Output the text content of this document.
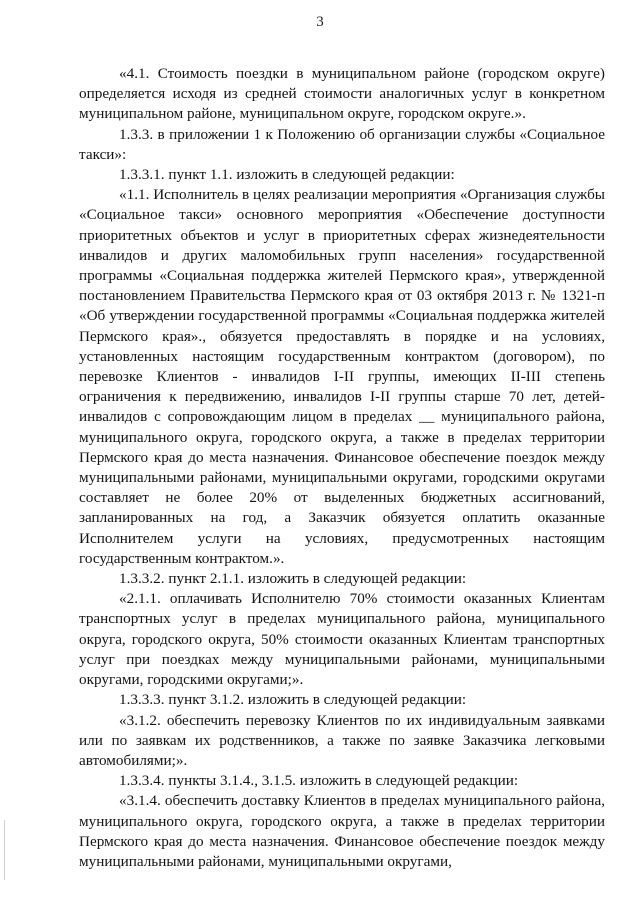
3

«4.1. Стоимость поездки в муниципальном районе (городском округе) определяется исходя из средней стоимости аналогичных услуг в конкретном муниципальном районе, муниципальном округе, городском округе.».

1.3.3. в приложении 1 к Положению об организации службы «Социальное такси»:

1.3.3.1. пункт 1.1. изложить в следующей редакции:

«1.1. Исполнитель в целях реализации мероприятия «Организация службы «Социальное такси» основного мероприятия «Обеспечение доступности приоритетных объектов и услуг в приоритетных сферах жизнедеятельности инвалидов и других маломобильных групп населения» государственной программы «Социальная поддержка жителей Пермского края», утвержденной постановлением Правительства Пермского края от 03 октября 2013 г. № 1321-п «Об утверждении государственной программы «Социальная поддержка жителей Пермского края»., обязуется предоставлять в порядке и на условиях, установленных настоящим государственным контрактом (договором), по перевозке Клиентов - инвалидов I-II группы, имеющих II-III степень ограничения к передвижению, инвалидов I-II группы старше 70 лет, детей-инвалидов с сопровождающим лицом в пределах __ муниципального района, муниципального округа, городского округа, а также в пределах территории Пермского края до места назначения. Финансовое обеспечение поездок между муниципальными районами, муниципальными округами, городскими округами составляет не более 20% от выделенных бюджетных ассигнований, запланированных на год, а Заказчик обязуется оплатить оказанные Исполнителем услуги на условиях, предусмотренных настоящим государственным контрактом.».

1.3.3.2. пункт 2.1.1. изложить в следующей редакции:

«2.1.1. оплачивать Исполнителю 70% стоимости оказанных Клиентам транспортных услуг в пределах муниципального района, муниципального округа, городского округа, 50% стоимости оказанных Клиентам транспортных услуг при поездках между муниципальными районами, муниципальными округами, городскими округами;».

1.3.3.3. пункт 3.1.2. изложить в следующей редакции:

«3.1.2. обеспечить перевозку Клиентов по их индивидуальным заявками или по заявкам их родственников, а также по заявке Заказчика легковыми автомобилями;».

1.3.3.4. пункты 3.1.4., 3.1.5. изложить в следующей редакции:

«3.1.4. обеспечить доставку Клиентов в пределах муниципального района, муниципального округа, городского округа, а также в пределах территории Пермского края до места назначения. Финансовое обеспечение поездок между муниципальными районами, муниципальными округами,
